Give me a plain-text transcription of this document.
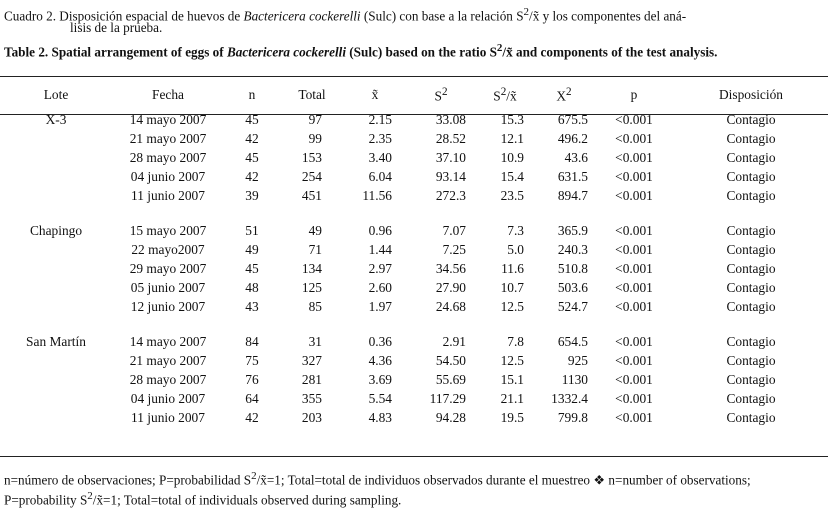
Cuadro 2. Disposición espacial de huevos de Bactericera cockerelli (Sulc) con base a la relación $S^2/x̃$ y los componentes del aná-
lisis de la prueba.
Table 2. Spatial arrangement of eggs of Bactericera cockerelli (Sulc) based on the ratio $S^2/x̃$ and components of the test analysis.
Lote	Fecha	n	Total	x̃	$S^2$	$S^2/x̃$	$X^2$	p	Disposición
X-3	14 mayo 2007	45	97	2.15	33.08	15.3	675.5	<0.001	Contagio
	21 mayo 2007	42	99	2.35	28.52	12.1	496.2	<0.001	Contagio
	28 mayo 2007	45	153	3.40	37.10	10.9	43.6	<0.001	Contagio
	04 junio 2007	42	254	6.04	93.14	15.4	631.5	<0.001	Contagio
	11 junio 2007	39	451	11.56	272.3	23.5	894.7	<0.001	Contagio
Chapingo	15 mayo 2007	51	49	0.96	7.07	7.3	365.9	<0.001	Contagio
	22 mayo2007	49	71	1.44	7.25	5.0	240.3	<0.001	Contagio
	29 mayo 2007	45	134	2.97	34.56	11.6	510.8	<0.001	Contagio
	05 junio 2007	48	125	2.60	27.90	10.7	503.6	<0.001	Contagio
	12 junio 2007	43	85	1.97	24.68	12.5	524.7	<0.001	Contagio
San Martín	14 mayo 2007	84	31	0.36	2.91	7.8	654.5	<0.001	Contagio
	21 mayo 2007	75	327	4.36	54.50	12.5	925	<0.001	Contagio
	28 mayo 2007	76	281	3.69	55.69	15.1	1130	<0.001	Contagio
	04 junio 2007	64	355	5.54	117.29	21.1	1332.4	<0.001	Contagio
	11 junio 2007	42	203	4.83	94.28	19.5	799.8	<0.001	Contagio
n=número de observaciones; P=probabilidad $S^2/x̃=1$; Total=total de individuos observados durante el muestreo ❖ n=number of observations; P=probability $S^2/x̃=1$; Total=total of individuals observed during sampling.
